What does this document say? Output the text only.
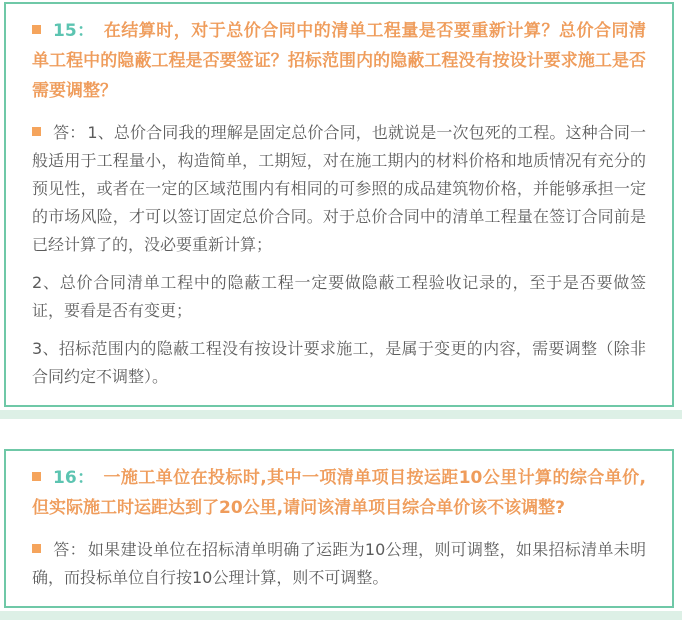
15： 在结算时，对于总价合同中的清单工程量是否要重新计算？总价合同清单工程中的隐蔽工程是否要签证？招标范围内的隐蔽工程没有按设计要求施工是否需要调整？

答： 1、总价合同我的理解是固定总价合同，也就说是一次包死的工程。这种合同一般适用于工程量小，构造简单，工期短，对在施工期内的材料价格和地质情况有充分的预见性，或者在一定的区域范围内有相同的可参照的成品建筑物价格，并能够承担一定的市场风险，才可以签订固定总价合同。对于总价合同中的清单工程量在签订合同前是已经计算了的，没必要重新计算；

2、总价合同清单工程中的隐蔽工程一定要做隐蔽工程验收记录的，至于是否要做签证，要看是否有变更；

3、招标范围内的隐蔽工程没有按设计要求施工，是属于变更的内容，需要调整（除非合同约定不调整）。

16： 一施工单位在投标时,其中一项清单项目按运距10公里计算的综合单价,但实际施工时运距达到了20公里,请问该清单项目综合单价该不该调整?

答： 如果建设单位在招标清单明确了运距为10公理，则可调整，如果招标清单未明确，而投标单位自行按10公理计算，则不可调整。
